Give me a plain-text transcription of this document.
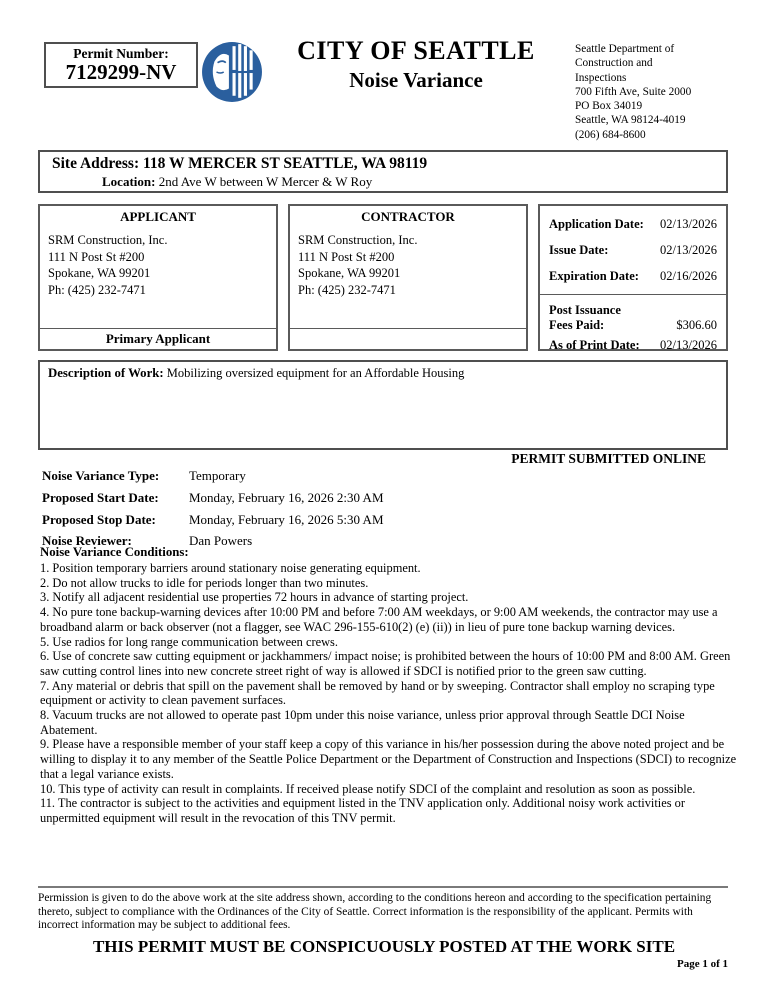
Permit Number:
7129299-NV
CITY OF SEATTLE
Noise Variance
Seattle Department of
Construction and
Inspections
700 Fifth Ave, Suite 2000
PO Box 34019
Seattle, WA 98124-4019
(206) 684-8600
Site Address: 118 W MERCER ST SEATTLE, WA 98119
Location: 2nd Ave W between W Mercer & W Roy
APPLICANT
SRM Construction, Inc.
111 N Post St #200
Spokane, WA 99201
Ph: (425) 232-7471
Primary Applicant
CONTRACTOR
SRM Construction, Inc.
111 N Post St #200
Spokane, WA 99201
Ph: (425) 232-7471
Application Date: 02/13/2026
Issue Date:	02/13/2026
Expiration Date: 02/16/2026
Post Issuance
Fees Paid:	$306.60
As of Print Date: 02/13/2026
Description of Work: Mobilizing oversized equipment for an Affordable Housing
PERMIT SUBMITTED ONLINE
Noise Variance Type:	Temporary
Proposed Start Date:	Monday, February 16, 2026 2:30 AM
Proposed Stop Date:	Monday, February 16, 2026 5:30 AM
Noise Reviewer:	Dan Powers
Noise Variance Conditions:
1. Position temporary barriers around stationary noise generating equipment.
2. Do not allow trucks to idle for periods longer than two minutes.
3. Notify all adjacent residential use properties 72 hours in advance of starting project.
4. No pure tone backup-warning devices after 10:00 PM and before 7:00 AM weekdays, or 9:00 AM weekends, the contractor may use a broadband alarm or back observer (not a flagger, see WAC 296-155-610(2) (e) (ii)) in lieu of pure tone backup warning devices.
5. Use radios for long range communication between crews.
6. Use of concrete saw cutting equipment or jackhammers/ impact noise; is prohibited between the hours of 10:00 PM and 8:00 AM. Green saw cutting control lines into new concrete street right of way is allowed if SDCI is notified prior to the green saw cutting.
7. Any material or debris that spill on the pavement shall be removed by hand or by sweeping. Contractor shall employ no scraping type equipment or activity to clean pavement surfaces.
8. Vacuum trucks are not allowed to operate past 10pm under this noise variance, unless prior approval through Seattle DCI Noise Abatement.
9. Please have a responsible member of your staff keep a copy of this variance in his/her possession during the above noted project and be willing to display it to any member of the Seattle Police Department or the Department of Construction and Inspections (SDCI) to recognize that a legal variance exists.
10. This type of activity can result in complaints. If received please notify SDCI of the complaint and resolution as soon as possible.
11. The contractor is subject to the activities and equipment listed in the TNV application only. Additional noisy work activities or unpermitted equipment will result in the revocation of this TNV permit.
Permission is given to do the above work at the site address shown, according to the conditions hereon and according to the specification pertaining thereto, subject to compliance with the Ordinances of the City of Seattle. Correct information is the responsibility of the applicant. Permits with incorrect information may be subject to additional fees.
THIS PERMIT MUST BE CONSPICUOUSLY POSTED AT THE WORK SITE
Page 1 of 1
